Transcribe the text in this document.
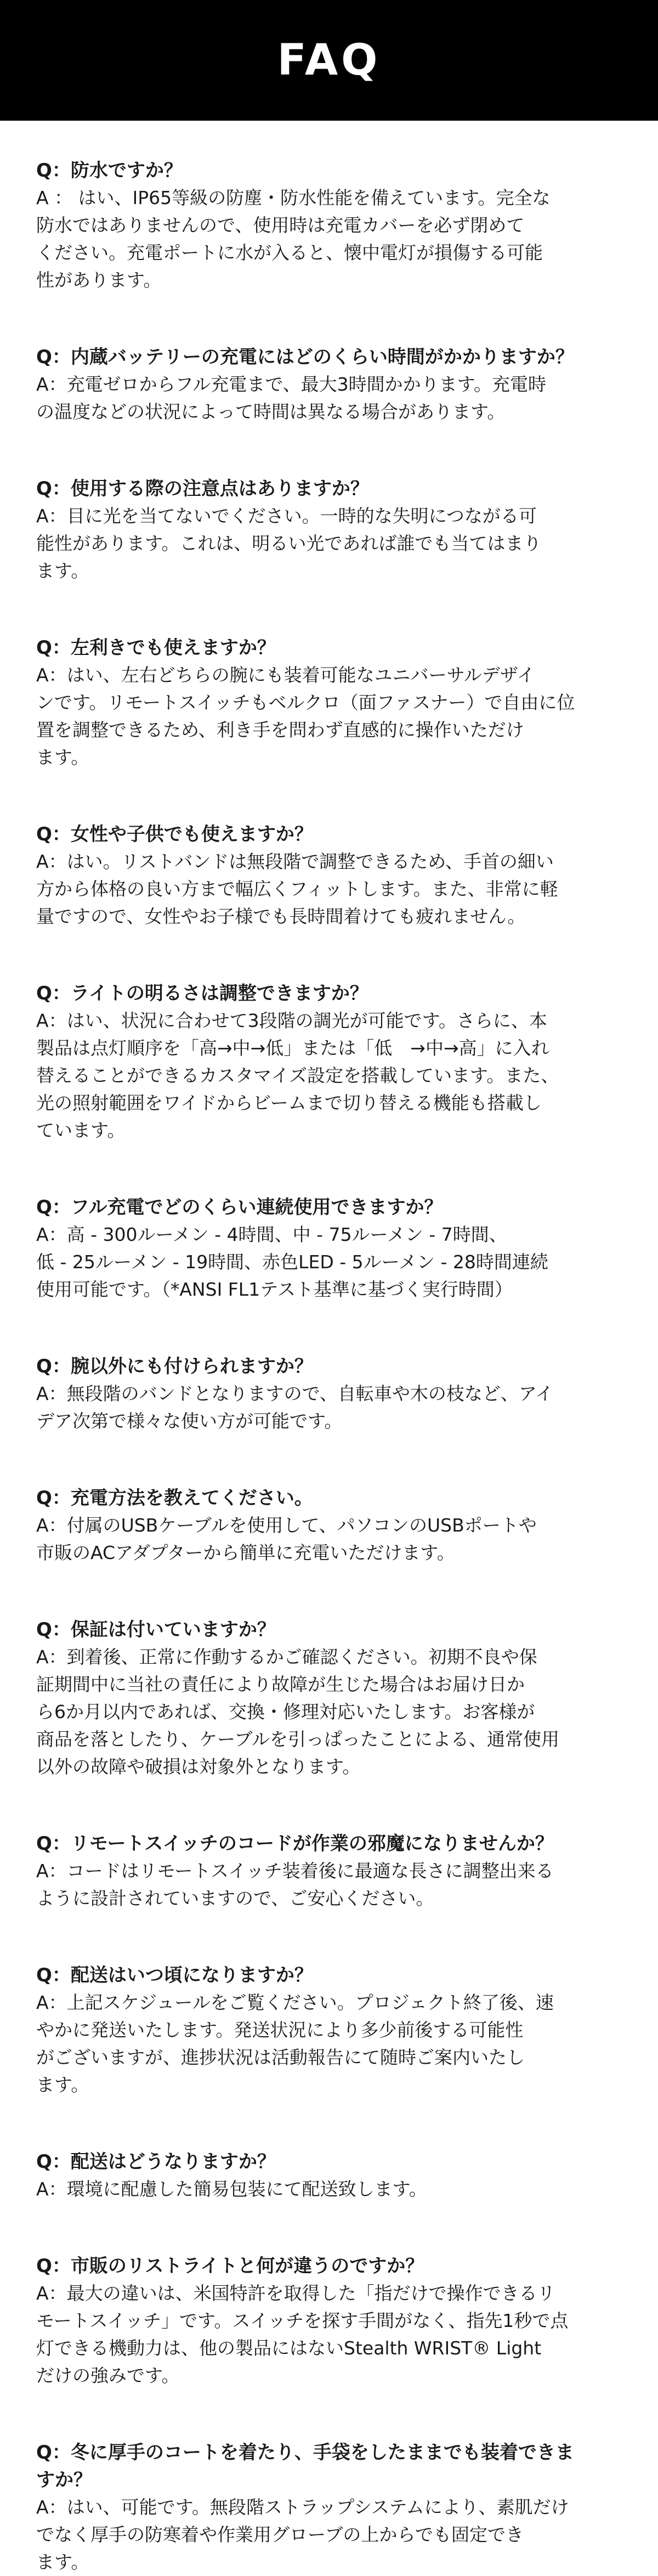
FAQ

Q：防水ですか？

A ： はい、IP65等級の防塵・防水性能を備えています。完全な
防水ではありませんので、使用時は充電カバーを必ず閉めて
ください。充電ポートに水が入ると、懐中電灯が損傷する可能
性があります。

Q：内蔵バッテリーの充電にはどのくらい時間がかかりますか？

A：充電ゼロからフル充電まで、最大3時間かかります。充電時
の温度などの状況によって時間は異なる場合があります。

Q：使用する際の注意点はありますか？

A：目に光を当てないでください。一時的な失明につながる可
能性があります。これは、明るい光であれば誰でも当てはまり
ます。

Q：左利きでも使えますか？

A：はい、左右どちらの腕にも装着可能なユニバーサルデザイ
ンです。リモートスイッチもベルクロ（面ファスナー）で自由に位
置を調整できるため、利き手を問わず直感的に操作いただけ
ます。

Q：女性や子供でも使えますか？

A：はい。リストバンドは無段階で調整できるため、手首の細い
方から体格の良い方まで幅広くフィットします。また、非常に軽
量ですので、女性やお子様でも長時間着けても疲れません。

Q：ライトの明るさは調整できますか？

A：はい、状況に合わせて3段階の調光が可能です。さらに、本
製品は点灯順序を「高→中→低」または「低　→中→高」に入れ
替えることができるカスタマイズ設定を搭載しています。また、
光の照射範囲をワイドからビームまで切り替える機能も搭載し
ています。

Q：フル充電でどのくらい連続使用できますか？

A：高 - 300ルーメン - 4時間、中 - 75ルーメン - 7時間、
低 - 25ルーメン - 19時間、赤色LED - 5ルーメン - 28時間連続
使用可能です。（*ANSI FL1テスト基準に基づく実行時間）

Q：腕以外にも付けられますか？

A：無段階のバンドとなりますので、自転車や木の枝など、アイ
デア次第で様々な使い方が可能です。

Q：充電方法を教えてください。

A：付属のUSBケーブルを使用して、パソコンのUSBポートや
市販のACアダプターから簡単に充電いただけます。

Q：保証は付いていますか？

A：到着後、正常に作動するかご確認ください。初期不良や保
証期間中に当社の責任により故障が生じた場合はお届け日か
ら6か月以内であれば、交換・修理対応いたします。お客様が
商品を落としたり、ケーブルを引っぱったことによる、通常使用
以外の故障や破損は対象外となります。

Q：リモートスイッチのコードが作業の邪魔になりませんか？

A：コードはリモートスイッチ装着後に最適な長さに調整出来る
ように設計されていますので、ご安心ください。

Q：配送はいつ頃になりますか？

A：上記スケジュールをご覧ください。プロジェクト終了後、速
やかに発送いたします。発送状況により多少前後する可能性
がございますが、進捗状況は活動報告にて随時ご案内いたし
ます。

Q：配送はどうなりますか？

A：環境に配慮した簡易包装にて配送致します。

Q：市販のリストライトと何が違うのですか？

A：最大の違いは、米国特許を取得した「指だけで操作できるリ
モートスイッチ」です。スイッチを探す手間がなく、指先1秒で点
灯できる機動力は、他の製品にはないStealth WRIST® Light
だけの強みです。

Q：冬に厚手のコートを着たり、手袋をしたままでも装着できま
すか？

A：はい、可能です。無段階ストラップシステムにより、素肌だけ
でなく厚手の防寒着や作業用グローブの上からでも固定でき
ます。
